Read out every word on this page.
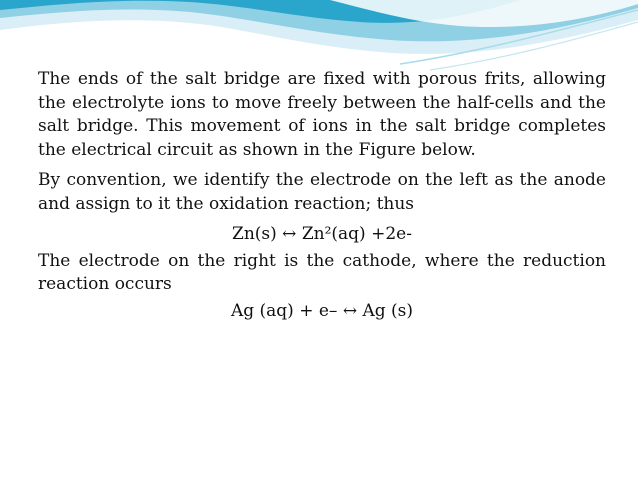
The ends of the salt bridge are fixed with porous frits, allowing the electrolyte ions to move freely between the half-cells and the salt bridge. This movement of ions in the salt bridge completes the electrical circuit as shown in the Figure below.

By convention, we identify the electrode on the left as the anode and assign to it the oxidation reaction; thus

Zn(s) ↔ Zn²(aq) +2e-

The electrode on the right is the cathode, where the reduction reaction occurs

Ag (aq) + e– ↔ Ag (s)
